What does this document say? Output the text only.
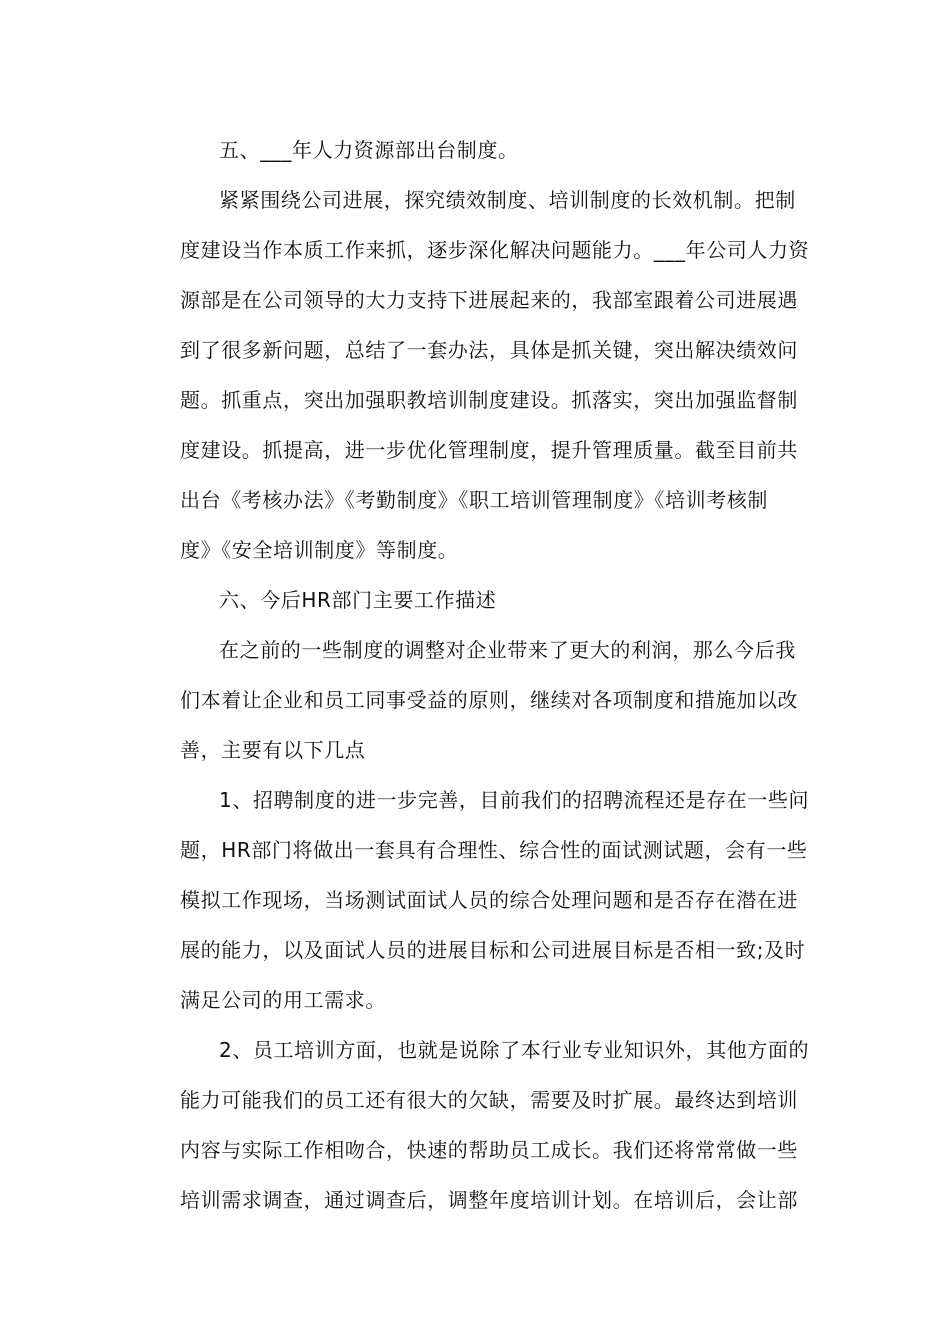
五、___年人力资源部出台制度。
紧紧围绕公司进展，探究绩效制度、培训制度的长效机制。把制
度建设当作本质工作来抓，逐步深化解决问题能力。___年公司人力资
源部是在公司领导的大力支持下进展起来的，我部室跟着公司进展遇
到了很多新问题，总结了一套办法，具体是抓关键，突出解决绩效问
题。抓重点，突出加强职教培训制度建设。抓落实，突出加强监督制
度建设。抓提高，进一步优化管理制度，提升管理质量。截至目前共
出台《考核办法》《考勤制度》《职工培训管理制度》《培训考核制
度》《安全培训制度》等制度。
六、今后HR部门主要工作描述
在之前的一些制度的调整对企业带来了更大的利润，那么今后我
们本着让企业和员工同事受益的原则，继续对各项制度和措施加以改
善，主要有以下几点
1、招聘制度的进一步完善，目前我们的招聘流程还是存在一些问
题，HR部门将做出一套具有合理性、综合性的面试测试题，会有一些
模拟工作现场，当场测试面试人员的综合处理问题和是否存在潜在进
展的能力，以及面试人员的进展目标和公司进展目标是否相一致;及时
满足公司的用工需求。
2、员工培训方面，也就是说除了本行业专业知识外，其他方面的
能力可能我们的员工还有很大的欠缺，需要及时扩展。最终达到培训
内容与实际工作相吻合，快速的帮助员工成长。我们还将常常做一些
培训需求调查，通过调查后，调整年度培训计划。在培训后，会让部
